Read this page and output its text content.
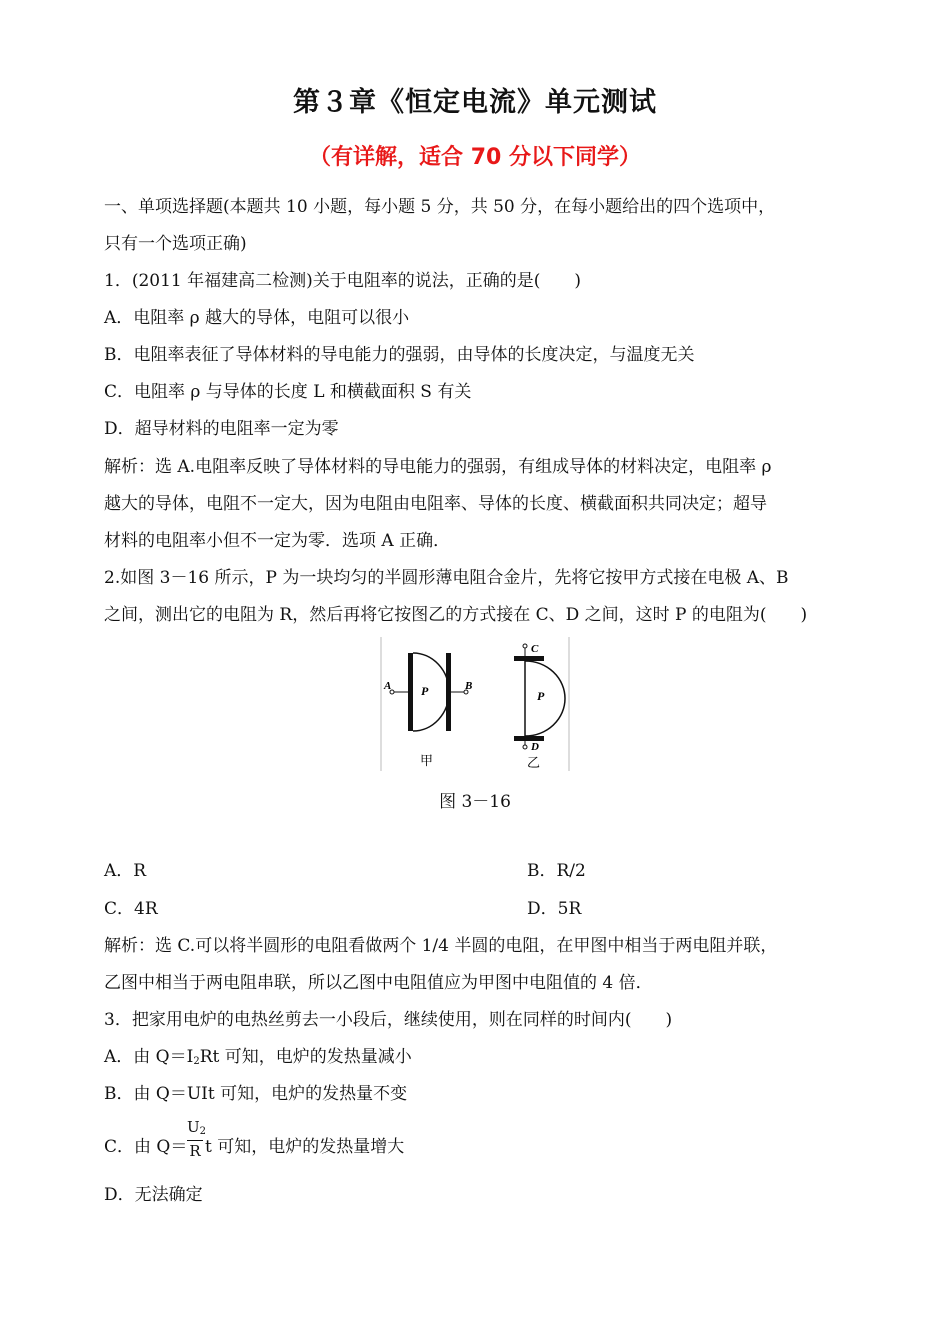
第３章《恒定电流》单元测试
（有详解，适合 70 分以下同学）
一、单项选择题(本题共 10 小题，每小题 5 分，共 50 分，在每小题给出的四个选项中，
只有一个选项正确)
1．(2011 年福建高二检测)关于电阻率的说法，正确的是(　　)
A．电阻率 ρ 越大的导体，电阻可以很小
B．电阻率表征了导体材料的导电能力的强弱，由导体的长度决定，与温度无关
C．电阻率 ρ 与导体的长度 L 和横截面积 S 有关
D．超导材料的电阻率一定为零
解析：选 A.电阻率反映了导体材料的导电能力的强弱，有组成导体的材料决定，电阻率 ρ
越大的导体，电阻不一定大，因为电阻由电阻率、导体的长度、横截面积共同决定；超导
材料的电阻率小但不一定为零．选项 A 正确．
2.如图 3－16 所示，P 为一块均匀的半圆形薄电阻合金片，先将它按甲方式接在电极 A、B
之间，测出它的电阻为 R，然后再将它按图乙的方式接在 C、D 之间，这时 P 的电阻为(　　)
A P	B
甲
C
P
D
乙
图 3－16
A．R	B．R/2
C．4R	D．5R
解析：选 C.可以将半圆形的电阻看做两个 1/4 半圆的电阻，在甲图中相当于两电阻并联，
乙图中相当于两电阻串联，所以乙图中电阻值应为甲图中电阻值的 4 倍．
3．把家用电炉的电热丝剪去一小段后，继续使用，则在同样的时间内(　　)
A．由 $Q=I_2Rt$ 可知，电炉的发热量减小
B．由 Q＝UIt 可知，电炉的发热量不变
C．由 Q＝
$U_2$
R t 可知，电炉的发热量增大
D．无法确定
